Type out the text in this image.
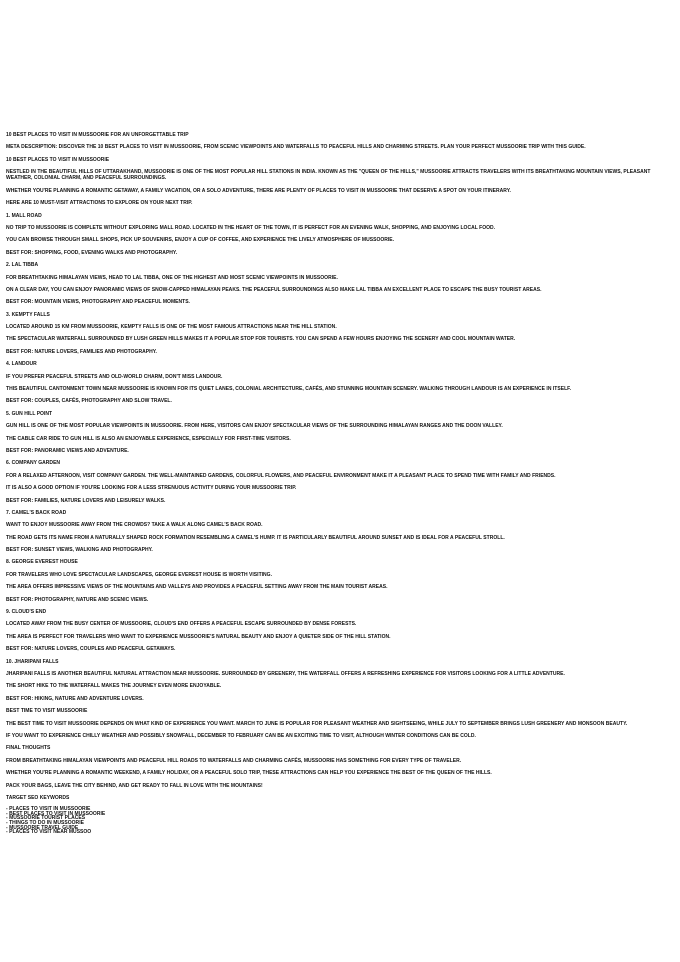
10 BEST PLACES TO VISIT IN MUSSOORIE FOR AN UNFORGETTABLE TRIP

META DESCRIPTION: DISCOVER THE 10 BEST PLACES TO VISIT IN MUSSOORIE, FROM SCENIC VIEWPOINTS AND WATERFALLS TO PEACEFUL HILLS AND CHARMING STREETS. PLAN YOUR PERFECT MUSSOORIE TRIP WITH THIS GUIDE.

10 BEST PLACES TO VISIT IN MUSSOORIE

NESTLED IN THE BEAUTIFUL HILLS OF UTTARAKHAND, MUSSOORIE IS ONE OF THE MOST POPULAR HILL STATIONS IN INDIA. KNOWN AS THE "QUEEN OF THE HILLS," MUSSOORIE ATTRACTS TRAVELERS WITH ITS BREATHTAKING MOUNTAIN VIEWS, PLEASANT WEATHER, COLONIAL CHARM, AND PEACEFUL SURROUNDINGS.

WHETHER YOU'RE PLANNING A ROMANTIC GETAWAY, A FAMILY VACATION, OR A SOLO ADVENTURE, THERE ARE PLENTY OF PLACES TO VISIT IN MUSSOORIE THAT DESERVE A SPOT ON YOUR ITINERARY.

HERE ARE 10 MUST-VISIT ATTRACTIONS TO EXPLORE ON YOUR NEXT TRIP.

1. MALL ROAD

NO TRIP TO MUSSOORIE IS COMPLETE WITHOUT EXPLORING MALL ROAD. LOCATED IN THE HEART OF THE TOWN, IT IS PERFECT FOR AN EVENING WALK, SHOPPING, AND ENJOYING LOCAL FOOD.

YOU CAN BROWSE THROUGH SMALL SHOPS, PICK UP SOUVENIRS, ENJOY A CUP OF COFFEE, AND EXPERIENCE THE LIVELY ATMOSPHERE OF MUSSOORIE.

BEST FOR: SHOPPING, FOOD, EVENING WALKS AND PHOTOGRAPHY.

2. LAL TIBBA

FOR BREATHTAKING HIMALAYAN VIEWS, HEAD TO LAL TIBBA, ONE OF THE HIGHEST AND MOST SCENIC VIEWPOINTS IN MUSSOORIE.

ON A CLEAR DAY, YOU CAN ENJOY PANORAMIC VIEWS OF SNOW-CAPPED HIMALAYAN PEAKS. THE PEACEFUL SURROUNDINGS ALSO MAKE LAL TIBBA AN EXCELLENT PLACE TO ESCAPE THE BUSY TOURIST AREAS.

BEST FOR: MOUNTAIN VIEWS, PHOTOGRAPHY AND PEACEFUL MOMENTS.

3. KEMPTY FALLS

LOCATED AROUND 15 KM FROM MUSSOORIE, KEMPTY FALLS IS ONE OF THE MOST FAMOUS ATTRACTIONS NEAR THE HILL STATION.

THE SPECTACULAR WATERFALL SURROUNDED BY LUSH GREEN HILLS MAKES IT A POPULAR STOP FOR TOURISTS. YOU CAN SPEND A FEW HOURS ENJOYING THE SCENERY AND COOL MOUNTAIN WATER.

BEST FOR: NATURE LOVERS, FAMILIES AND PHOTOGRAPHY.

4. LANDOUR

IF YOU PREFER PEACEFUL STREETS AND OLD-WORLD CHARM, DON'T MISS LANDOUR.

THIS BEAUTIFUL CANTONMENT TOWN NEAR MUSSOORIE IS KNOWN FOR ITS QUIET LANES, COLONIAL ARCHITECTURE, CAFÉS, AND STUNNING MOUNTAIN SCENERY. WALKING THROUGH LANDOUR IS AN EXPERIENCE IN ITSELF.

BEST FOR: COUPLES, CAFÉS, PHOTOGRAPHY AND SLOW TRAVEL.

5. GUN HILL POINT

GUN HILL IS ONE OF THE MOST POPULAR VIEWPOINTS IN MUSSOORIE. FROM HERE, VISITORS CAN ENJOY SPECTACULAR VIEWS OF THE SURROUNDING HIMALAYAN RANGES AND THE DOON VALLEY.

THE CABLE CAR RIDE TO GUN HILL IS ALSO AN ENJOYABLE EXPERIENCE, ESPECIALLY FOR FIRST-TIME VISITORS.

BEST FOR: PANORAMIC VIEWS AND ADVENTURE.

6. COMPANY GARDEN

FOR A RELAXED AFTERNOON, VISIT COMPANY GARDEN. THE WELL-MAINTAINED GARDENS, COLORFUL FLOWERS, AND PEACEFUL ENVIRONMENT MAKE IT A PLEASANT PLACE TO SPEND TIME WITH FAMILY AND FRIENDS.

IT IS ALSO A GOOD OPTION IF YOU'RE LOOKING FOR A LESS STRENUOUS ACTIVITY DURING YOUR MUSSOORIE TRIP.

BEST FOR: FAMILIES, NATURE LOVERS AND LEISURELY WALKS.

7. CAMEL'S BACK ROAD

WANT TO ENJOY MUSSOORIE AWAY FROM THE CROWDS? TAKE A WALK ALONG CAMEL'S BACK ROAD.

THE ROAD GETS ITS NAME FROM A NATURALLY SHAPED ROCK FORMATION RESEMBLING A CAMEL'S HUMP. IT IS PARTICULARLY BEAUTIFUL AROUND SUNSET AND IS IDEAL FOR A PEACEFUL STROLL.

BEST FOR: SUNSET VIEWS, WALKING AND PHOTOGRAPHY.

8. GEORGE EVEREST HOUSE

FOR TRAVELERS WHO LOVE SPECTACULAR LANDSCAPES, GEORGE EVEREST HOUSE IS WORTH VISITING.

THE AREA OFFERS IMPRESSIVE VIEWS OF THE MOUNTAINS AND VALLEYS AND PROVIDES A PEACEFUL SETTING AWAY FROM THE MAIN TOURIST AREAS.

BEST FOR: PHOTOGRAPHY, NATURE AND SCENIC VIEWS.

9. CLOUD'S END

LOCATED AWAY FROM THE BUSY CENTER OF MUSSOORIE, CLOUD'S END OFFERS A PEACEFUL ESCAPE SURROUNDED BY DENSE FORESTS.

THE AREA IS PERFECT FOR TRAVELERS WHO WANT TO EXPERIENCE MUSSOORIE'S NATURAL BEAUTY AND ENJOY A QUIETER SIDE OF THE HILL STATION.

BEST FOR: NATURE LOVERS, COUPLES AND PEACEFUL GETAWAYS.

10. JHARIPANI FALLS

JHARIPANI FALLS IS ANOTHER BEAUTIFUL NATURAL ATTRACTION NEAR MUSSOORIE. SURROUNDED BY GREENERY, THE WATERFALL OFFERS A REFRESHING EXPERIENCE FOR VISITORS LOOKING FOR A LITTLE ADVENTURE.

THE SHORT HIKE TO THE WATERFALL MAKES THE JOURNEY EVEN MORE ENJOYABLE.

BEST FOR: HIKING, NATURE AND ADVENTURE LOVERS.

BEST TIME TO VISIT MUSSOORIE

THE BEST TIME TO VISIT MUSSOORIE DEPENDS ON WHAT KIND OF EXPERIENCE YOU WANT. MARCH TO JUNE IS POPULAR FOR PLEASANT WEATHER AND SIGHTSEEING, WHILE JULY TO SEPTEMBER BRINGS LUSH GREENERY AND MONSOON BEAUTY.

IF YOU WANT TO EXPERIENCE CHILLY WEATHER AND POSSIBLY SNOWFALL, DECEMBER TO FEBRUARY CAN BE AN EXCITING TIME TO VISIT, ALTHOUGH WINTER CONDITIONS CAN BE COLD.

FINAL THOUGHTS

FROM BREATHTAKING HIMALAYAN VIEWPOINTS AND PEACEFUL HILL ROADS TO WATERFALLS AND CHARMING CAFÉS, MUSSOORIE HAS SOMETHING FOR EVERY TYPE OF TRAVELER.

WHETHER YOU'RE PLANNING A ROMANTIC WEEKEND, A FAMILY HOLIDAY, OR A PEACEFUL SOLO TRIP, THESE ATTRACTIONS CAN HELP YOU EXPERIENCE THE BEST OF THE QUEEN OF THE HILLS.

PACK YOUR BAGS, LEAVE THE CITY BEHIND, AND GET READY TO FALL IN LOVE WITH THE MOUNTAINS!

TARGET SEO KEYWORDS

- PLACES TO VISIT IN MUSSOORIE
- BEST PLACES TO VISIT IN MUSSOORIE
- MUSSOORIE TOURIST PLACES
- THINGS TO DO IN MUSSOORIE
- MUSSOORIE TRAVEL GUIDE
- PLACES TO VISIT NEAR MUSSOO
